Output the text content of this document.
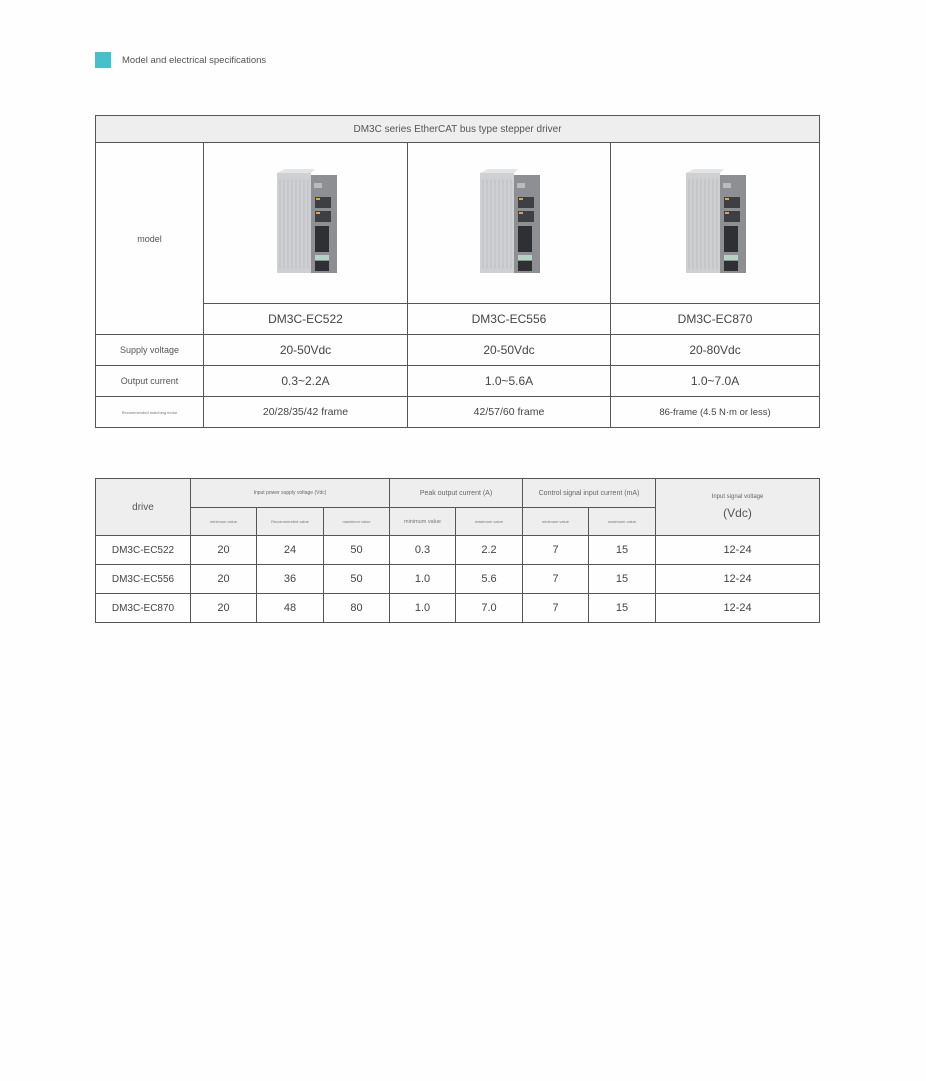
Model and electrical specifications
DM3C series EtherCAT bus type stepper driver			
model	

	DM3C-EC522	DM3C-EC556	DM3C-EC870
Supply voltage	20-50Vdc	20-50Vdc	20-80Vdc
Output current	0.3~2.2A	1.0~5.6A	1.0~7.0A
Recommended matching motor	20/28/35/42 frame	42/57/60 frame	86-frame (4.5 N·m or less)
drive	Input power supply voltage (Vdc)			Peak output current (A)		Control signal input current (mA)		Input signal voltage
(Vdc)

	minimum value	Recommended value	maximum value	minimum value	maximum value	minimum value	maximum value	
DM3C-EC522	20	24	50	0.3	2.2	7	15	12-24
DM3C-EC556	20	36	50	1.0	5.6	7	15	12-24
DM3C-EC870	20	48	80	1.0	7.0	7	15	12-24
